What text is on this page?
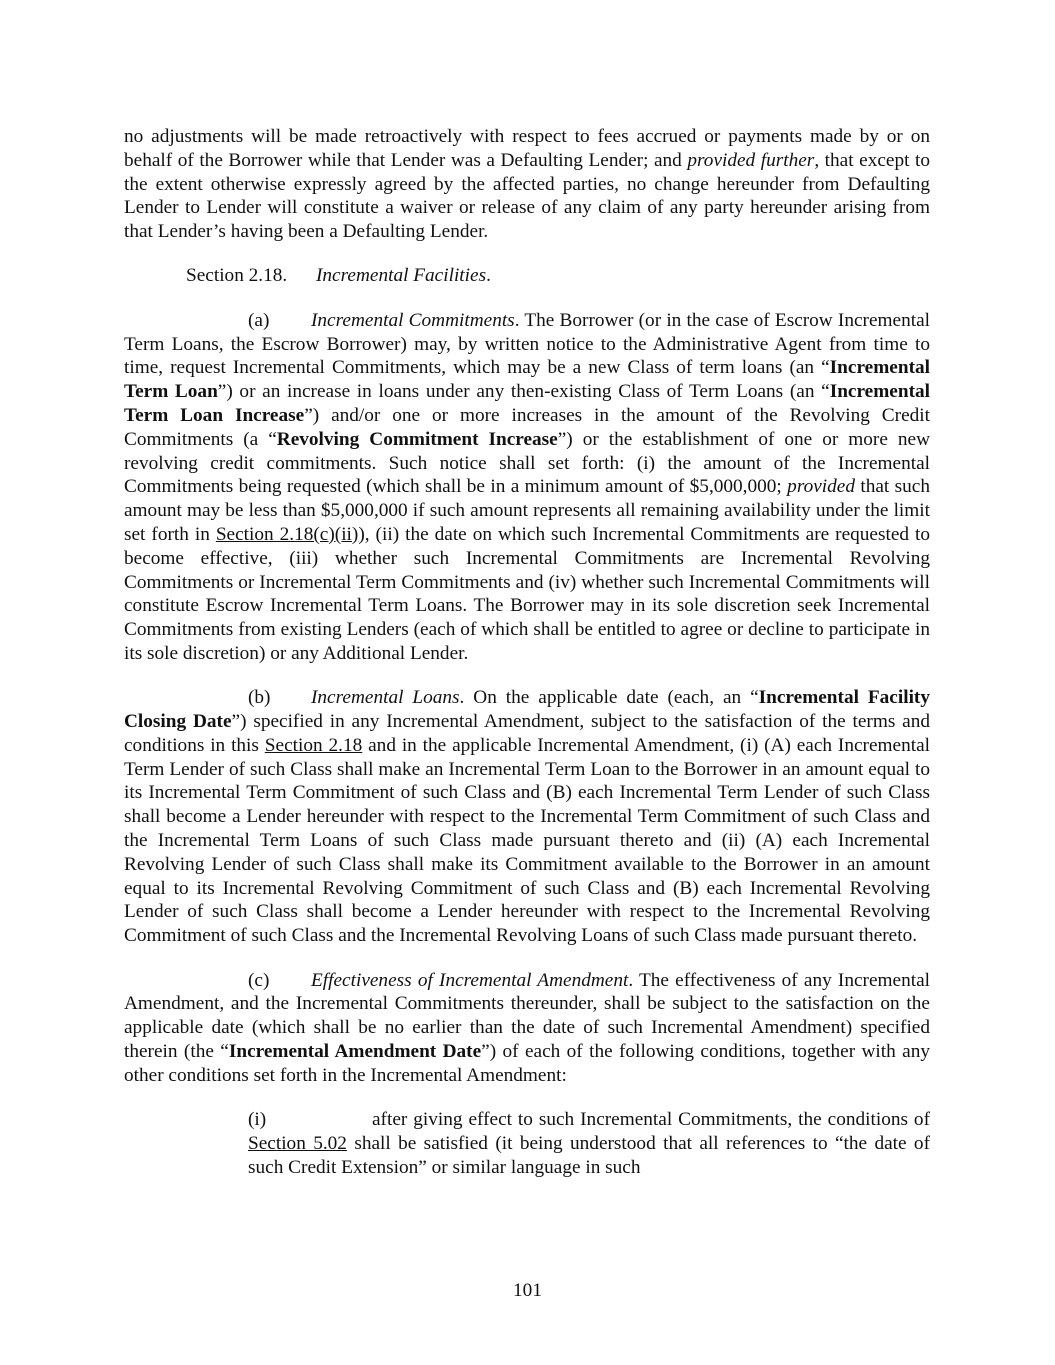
no adjustments will be made retroactively with respect to fees accrued or payments made by or on behalf of the Borrower while that Lender was a Defaulting Lender; and provided further, that except to the extent otherwise expressly agreed by the affected parties, no change hereunder from Defaulting Lender to Lender will constitute a waiver or release of any claim of any party hereunder arising from that Lender’s having been a Defaulting Lender.

Section 2.18. Incremental Facilities.

(a) Incremental Commitments. The Borrower (or in the case of Escrow Incremental Term Loans, the Escrow Borrower) may, by written notice to the Administrative Agent from time to time, request Incremental Commitments, which may be a new Class of term loans (an “Incremental Term Loan”) or an increase in loans under any then-existing Class of Term Loans (an “Incremental Term Loan Increase”) and/or one or more increases in the amount of the Revolving Credit Commitments (a “Revolving Commitment Increase”) or the establishment of one or more new revolving credit commitments. Such notice shall set forth: (i) the amount of the Incremental Commitments being requested (which shall be in a minimum amount of $5,000,000; provided that such amount may be less than $5,000,000 if such amount represents all remaining availability under the limit set forth in Section 2.18(c)(ii)), (ii) the date on which such Incremental Commitments are requested to become effective, (iii) whether such Incremental Commitments are Incremental Revolving Commitments or Incremental Term Commitments and (iv) whether such Incremental Commitments will constitute Escrow Incremental Term Loans. The Borrower may in its sole discretion seek Incremental Commitments from existing Lenders (each of which shall be entitled to agree or decline to participate in its sole discretion) or any Additional Lender.

(b) Incremental Loans. On the applicable date (each, an “Incremental Facility Closing Date”) specified in any Incremental Amendment, subject to the satisfaction of the terms and conditions in this Section 2.18 and in the applicable Incremental Amendment, (i) (A) each Incremental Term Lender of such Class shall make an Incremental Term Loan to the Borrower in an amount equal to its Incremental Term Commitment of such Class and (B) each Incremental Term Lender of such Class shall become a Lender hereunder with respect to the Incremental Term Commitment of such Class and the Incremental Term Loans of such Class made pursuant thereto and (ii) (A) each Incremental Revolving Lender of such Class shall make its Commitment available to the Borrower in an amount equal to its Incremental Revolving Commitment of such Class and (B) each Incremental Revolving Lender of such Class shall become a Lender hereunder with respect to the Incremental Revolving Commitment of such Class and the Incremental Revolving Loans of such Class made pursuant thereto.

(c) Effectiveness of Incremental Amendment. The effectiveness of any Incremental Amendment, and the Incremental Commitments thereunder, shall be subject to the satisfaction on the applicable date (which shall be no earlier than the date of such Incremental Amendment) specified therein (the “Incremental Amendment Date”) of each of the following conditions, together with any other conditions set forth in the Incremental Amendment:

(i)	after giving effect to such Incremental Commitments, the conditions of Section 5.02 shall be satisfied (it being understood that all references to “the date of such Credit Extension” or similar language in such

101
